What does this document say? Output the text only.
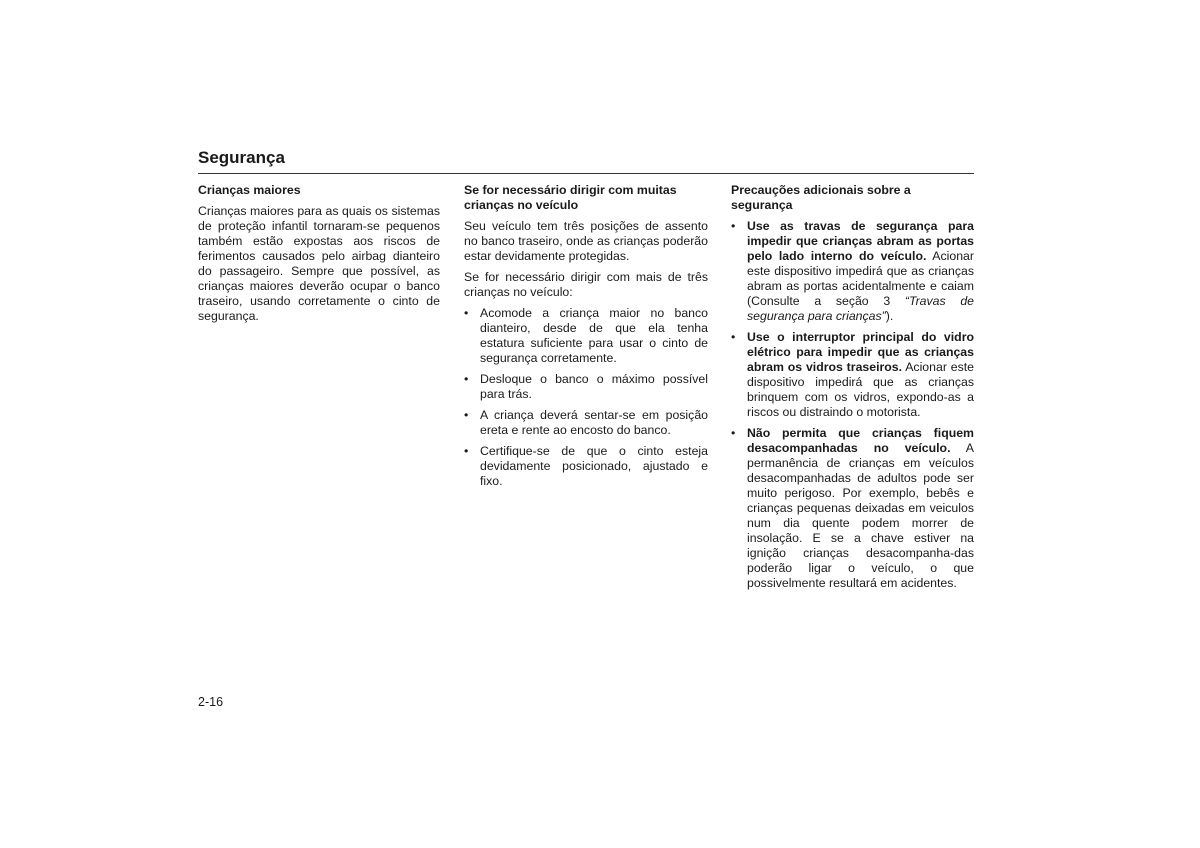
Segurança

Crianças maiores

Crianças maiores para as quais os sistemas de proteção infantil tornaram-se pequenos também estão expostas aos riscos de ferimentos causados pelo airbag dianteiro do passageiro. Sempre que possível, as crianças maiores deverão ocupar o banco traseiro, usando corretamente o cinto de segurança.

Se for necessário dirigir com muitas crianças no veículo

Seu veículo tem três posições de assento no banco traseiro, onde as crianças poderão estar devidamente protegidas.

Se for necessário dirigir com mais de três crianças no veículo:

• Acomode a criança maior no banco dianteiro, desde de que ela tenha estatura suficiente para usar o cinto de segurança corretamente.
• Desloque o banco o máximo possível para trás.
• A criança deverá sentar-se em posição ereta e rente ao encosto do banco.
• Certifique-se de que o cinto esteja devidamente posicionado, ajustado e fixo.

Precauções adicionais sobre a segurança

• Use as travas de segurança para impedir que crianças abram as portas pelo lado interno do veículo. Acionar este dispositivo impedirá que as crianças abram as portas acidentalmente e caiam (Consulte a seção 3 “Travas de segurança para crianças”).
• Use o interruptor principal do vidro elétrico para impedir que as crianças abram os vidros traseiros. Acionar este dispositivo impedirá que as crianças brinquem com os vidros, expondo-as a riscos ou distraindo o motorista.
• Não permita que crianças fiquem desacompanhadas no veículo. A permanência de crianças em veículos desacompanhadas de adultos pode ser muito perigoso. Por exemplo, bebês e crianças pequenas deixadas em veiculos num dia quente podem morrer de insolação. E se a chave estiver na ignição crianças desacompanha-das poderão ligar o veículo, o que possivelmente resultará em acidentes.
2-16
